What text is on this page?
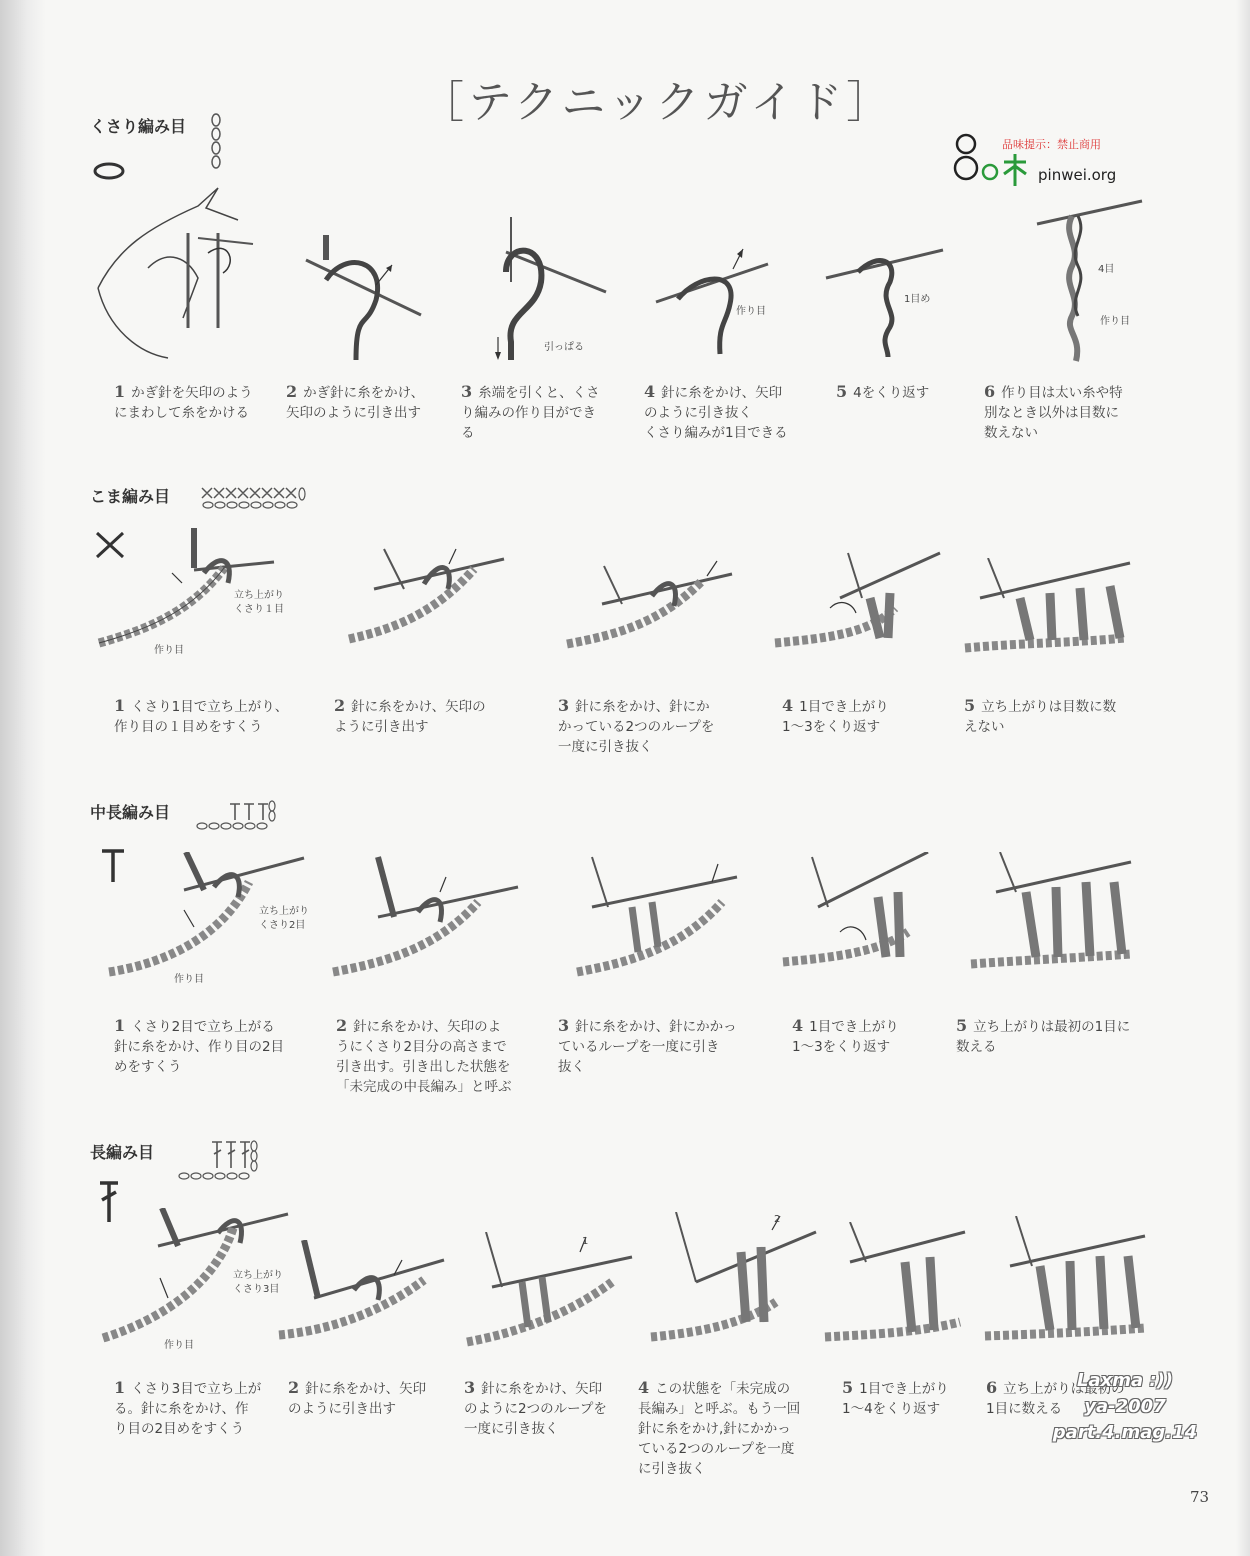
［テクニックガイド］
品味提示：禁止商用
pinwei.org
くさり編み目
引っぱる
作り目
1目め
4目
作り目
1 かぎ針を矢印のよう
にまわして糸をかける
2 かぎ針に糸をかけ、
矢印のように引き出す
3 糸端を引くと、くさ
り編みの作り目ができ
る
4 針に糸をかけ、矢印
のように引き抜く
くさり編みが1目できる
5 4をくり返す	6 作り目は太い糸や特
別なとき以外は目数に
数えない
こま編み目
立ち上がり
くさり１目
作り目
1 くさり1目で立ち上がり、
作り目の１目めをすくう
2 針に糸をかけ、矢印の
ように引き出す
3 針に糸をかけ、針にか
かっている2つのループを
一度に引き抜く
4 1目でき上がり
1〜3をくり返す
5 立ち上がりは目数に数
えない
中長編み目
立ち上がり
くさり2目
作り目
1 くさり2目で立ち上がる
針に糸をかけ、作り目の2目
めをすくう
2 針に糸をかけ、矢印のよ
うにくさり2目分の高さまで
引き出す。引き出した状態を
「未完成の中長編み」と呼ぶ
3 針に糸をかけ、針にかかっ
ているループを一度に引き
抜く
4 1目でき上がり
1〜3をくり返す
5 立ち上がりは最初の1目に
数える
長編み目
立ち上がり
くさり3目
作り目
1
2
1 くさり3目で立ち上が
る。針に糸をかけ、作
り目の2目めをすくう
2 針に糸をかけ、矢印
のように引き出す
3 針に糸をかけ、矢印
のように2つのループを
一度に引き抜く
4 この状態を「未完成の
長編み」と呼ぶ。もう一回
針に糸をかけ,針にかかっ
ている2つのループを一度
に引き抜く
5 1目でき上がり
1〜4をくり返す
6 立ち上がりは最初の
1目に数える
Laxma :))
ya-2007
part.4.mag.14
73
